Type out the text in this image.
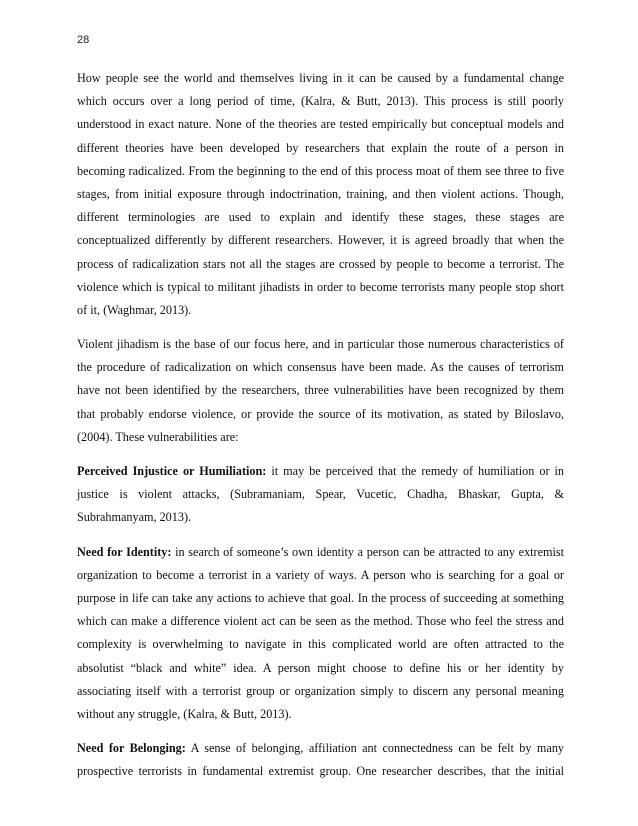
28
How people see the world and themselves living in it can be caused by a fundamental change
which occurs over a long period of time, (Kalra, & Butt, 2013). This process is still poorly
understood in exact nature. None of the theories are tested empirically but conceptual models and
different theories have been developed by researchers that explain the route of a person in
becoming radicalized. From the beginning to the end of this process moat of them see three to five
stages, from initial exposure through indoctrination, training, and then violent actions. Though,
different terminologies are used to explain and identify these stages, these stages are
conceptualized differently by different researchers. However, it is agreed broadly that when the
process of radicalization stars not all the stages are crossed by people to become a terrorist. The
violence which is typical to militant jihadists in order to become terrorists many people stop short
of it, (Waghmar, 2013).
Violent jihadism is the base of our focus here, and in particular those numerous characteristics of
the procedure of radicalization on which consensus have been made. As the causes of terrorism
have not been identified by the researchers, three vulnerabilities have been recognized by them
that probably endorse violence, or provide the source of its motivation, as stated by Biloslavo,
(2004). These vulnerabilities are:
Perceived Injustice or Humiliation: it may be perceived that the remedy of humiliation or in
justice is violent attacks, (Subramaniam, Spear, Vucetic, Chadha, Bhaskar, Gupta, &
Subrahmanyam, 2013).
Need for Identity: in search of someone’s own identity a person can be attracted to any extremist
organization to become a terrorist in a variety of ways. A person who is searching for a goal or
purpose in life can take any actions to achieve that goal. In the process of succeeding at something
which can make a difference violent act can be seen as the method. Those who feel the stress and
complexity is overwhelming to navigate in this complicated world are often attracted to the
absolutist “black and white” idea. A person might choose to define his or her identity by
associating itself with a terrorist group or organization simply to discern any personal meaning
without any struggle, (Kalra, & Butt, 2013).
Need for Belonging: A sense of belonging, affiliation ant connectedness can be felt by many
prospective terrorists in fundamental extremist group. One researcher describes, that the initial
